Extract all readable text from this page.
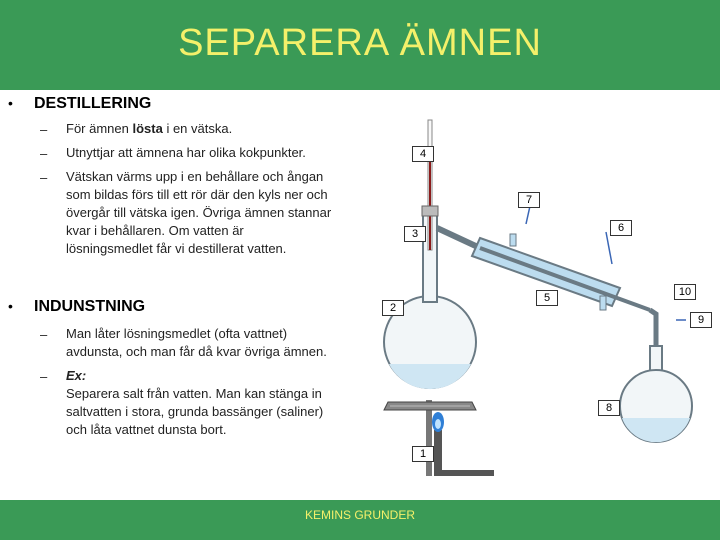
SEPARERA ÄMNEN
• DESTILLERING
– För ämnen lösta i en vätska.
– Utnyttjar att ämnena har olika kokpunkter.
– Vätskan värms upp i en behållare och ångan
som bildas förs till ett rör där den kyls ner och
övergår till vätska igen. Övriga ämnen stannar
kvar i behållaren. Om vatten är
lösningsmedlet får vi destillerat vatten.
• INDUNSTNING
– Man låter lösningsmedlet (ofta vattnet)
avdunsta, och man får då kvar övriga ämnen.
– Ex:
Separera salt från vatten. Man kan stänga in
saltvatten i stora, grunda bassänger (saliner)
och låta vattnet dunsta bort.
1
2
3
4
5
6
7
8
9
10
KEMINS GRUNDER
